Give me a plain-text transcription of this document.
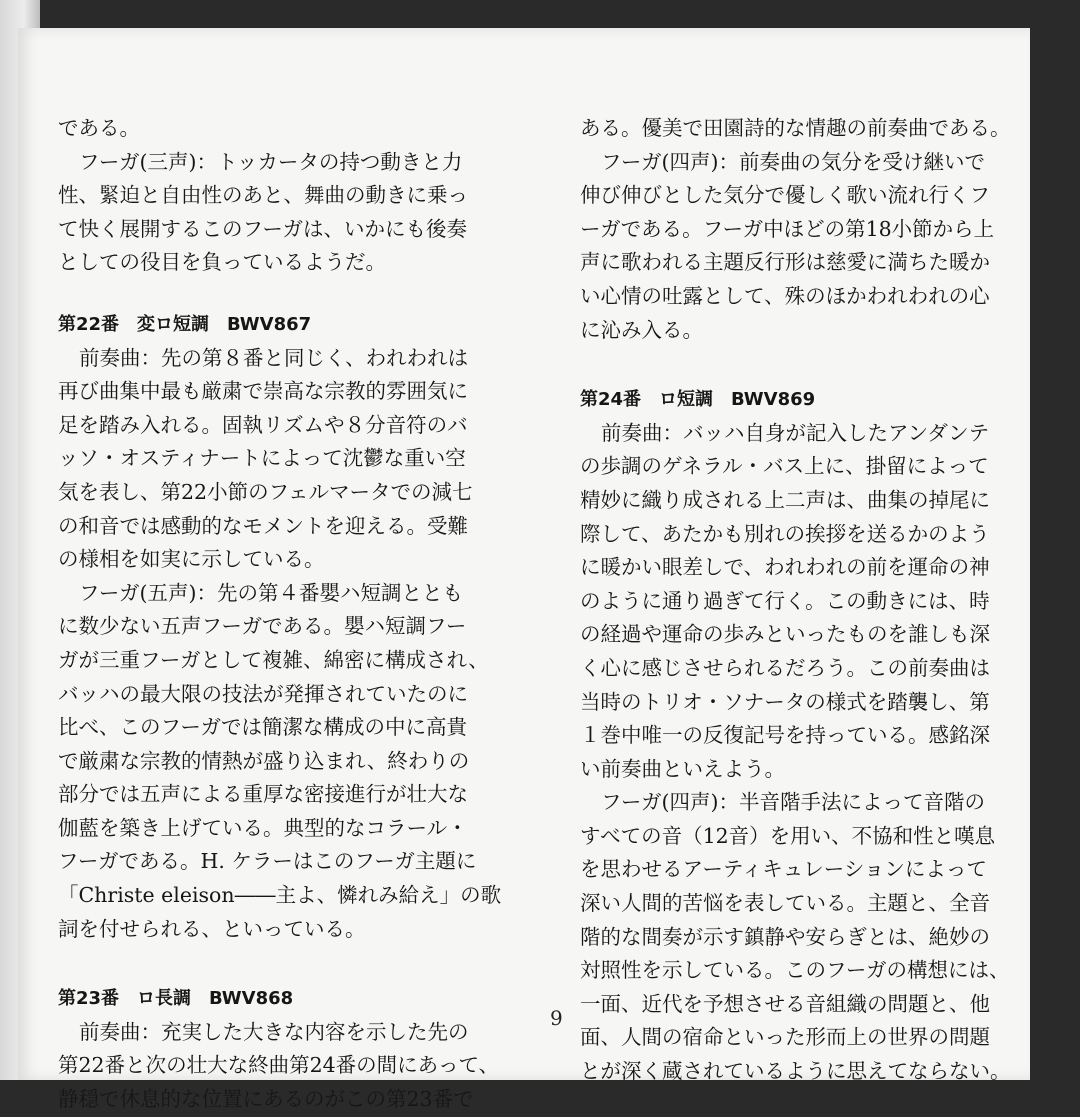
である。
フーガ(三声)：トッカータの持つ動きと力
性、緊迫と自由性のあと、舞曲の動きに乗っ
て快く展開するこのフーガは、いかにも後奏
としての役目を負っているようだ。
第22番　変ロ短調　BWV867
前奏曲：先の第８番と同じく、われわれは
再び曲集中最も厳粛で崇高な宗教的雰囲気に
足を踏み入れる。固執リズムや８分音符のバ
ッソ・オスティナートによって沈鬱な重い空
気を表し、第22小節のフェルマータでの減七
の和音では感動的なモメントを迎える。受難
の様相を如実に示している。
フーガ(五声)：先の第４番嬰ハ短調ととも
に数少ない五声フーガである。嬰ハ短調フー
ガが三重フーガとして複雑、綿密に構成され、
バッハの最大限の技法が発揮されていたのに
比べ、このフーガでは簡潔な構成の中に高貴
で厳粛な宗教的情熱が盛り込まれ、終わりの
部分では五声による重厚な密接進行が壮大な
伽藍を築き上げている。典型的なコラール・
フーガである。H. ケラーはこのフーガ主題に
「Christe eleison――主よ、憐れみ給え」の歌
詞を付せられる、といっている。
第23番　ロ長調　BWV868
前奏曲：充実した大きな内容を示した先の
第22番と次の壮大な終曲第24番の間にあって、
静穏で休息的な位置にあるのがこの第23番で
ある。優美で田園詩的な情趣の前奏曲である。
フーガ(四声)：前奏曲の気分を受け継いで
伸び伸びとした気分で優しく歌い流れ行くフ
ーガである。フーガ中ほどの第18小節から上
声に歌われる主題反行形は慈愛に満ちた暖か
い心情の吐露として、殊のほかわれわれの心
に沁み入る。
第24番　ロ短調　BWV869
前奏曲：バッハ自身が記入したアンダンテ
の歩調のゲネラル・バス上に、掛留によって
精妙に織り成される上二声は、曲集の掉尾に
際して、あたかも別れの挨拶を送るかのよう
に暖かい眼差しで、われわれの前を運命の神
のように通り過ぎて行く。この動きには、時
の経過や運命の歩みといったものを誰しも深
く心に感じさせられるだろう。この前奏曲は
当時のトリオ・ソナータの様式を踏襲し、第
１巻中唯一の反復記号を持っている。感銘深
い前奏曲といえよう。
フーガ(四声)：半音階手法によって音階の
すべての音（12音）を用い、不協和性と嘆息
を思わせるアーティキュレーションによって
深い人間的苦悩を表している。主題と、全音
階的な間奏が示す鎮静や安らぎとは、絶妙の
対照性を示している。このフーガの構想には、
一面、近代を予想させる音組織の問題と、他
面、人間の宿命といった形而上の世界の問題
とが深く蔵されているように思えてならない。
9
